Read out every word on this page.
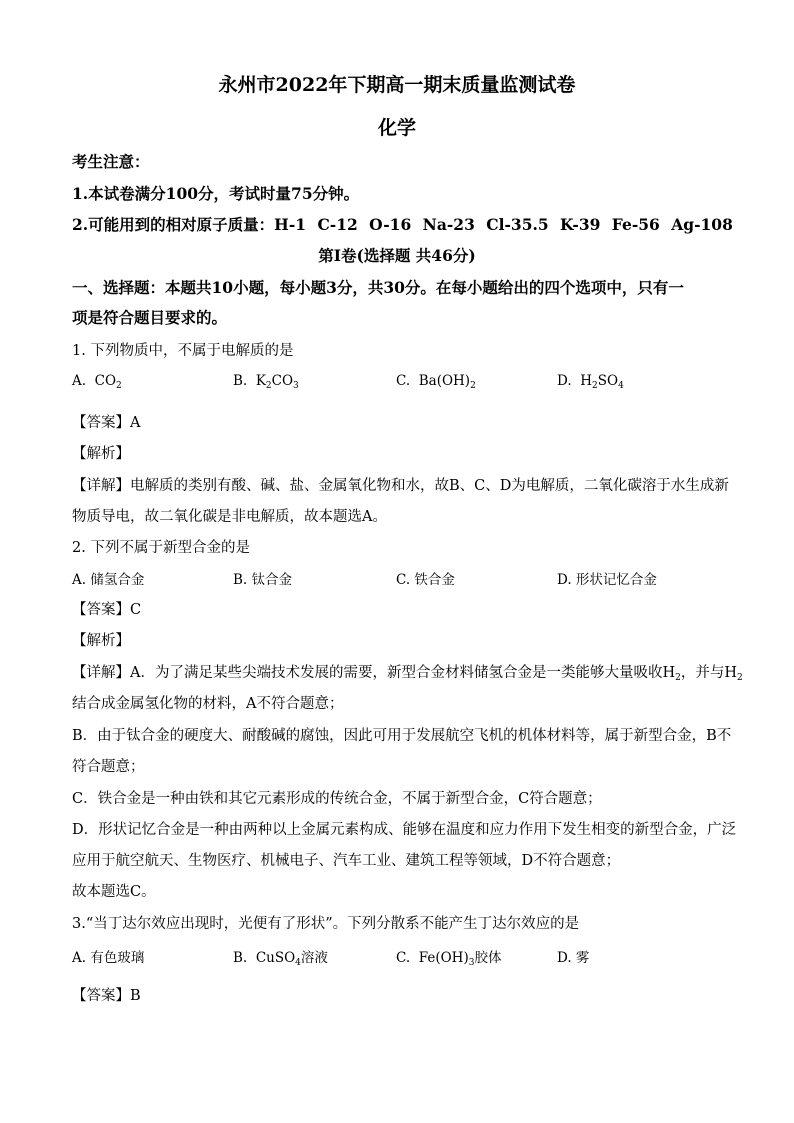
永州市2022年下期高一期末质量监测试卷
化学
考生注意：
1.本试卷满分100分，考试时量75分钟。
2.可能用到的相对原子质量：H-1 C-12 O-16 Na-23 Cl-35.5 K-39 Fe-56 Ag-108
第I卷(选择题 共46分)
一、选择题：本题共10小题，每小题3分，共30分。在每小题给出的四个选项中，只有一
项是符合题目要求的。
1. 下列物质中，不属于电解质的是
A. $CO_2$	B. $K_2CO_3$	C. $Ba(OH)_2$	D. $H_2SO_4$
【答案】A
【解析】
【详解】电解质的类别有酸、碱、盐、金属氧化物和水，故B、C、D为电解质，二氧化碳溶于水生成新
物质导电，故二氧化碳是非电解质，故本题选A。
2. 下列不属于新型合金的是
A. 储氢合金	B. 钛合金	C. 铁合金	D. 形状记忆合金
【答案】C
【解析】
【详解】A．为了满足某些尖端技术发展的需要，新型合金材料储氢合金是一类能够大量吸收$H_2$，并与$H_2$
结合成金属氢化物的材料，A不符合题意；
B．由于钛合金的硬度大、耐酸碱的腐蚀，因此可用于发展航空飞机的机体材料等，属于新型合金，B不
符合题意；
C．铁合金是一种由铁和其它元素形成的传统合金，不属于新型合金，C符合题意；
D．形状记忆合金是一种由两种以上金属元素构成、能够在温度和应力作用下发生相变的新型合金，广泛
应用于航空航天、生物医疗、机械电子、汽车工业、建筑工程等领域，D不符合题意；
故本题选C。
3.“当丁达尔效应出现时，光便有了形状”。下列分散系不能产生丁达尔效应的是
A. 有色玻璃	B. CuSO$_4$溶液	C. $Fe(OH)_3$胶体	D. 雾
【答案】B
